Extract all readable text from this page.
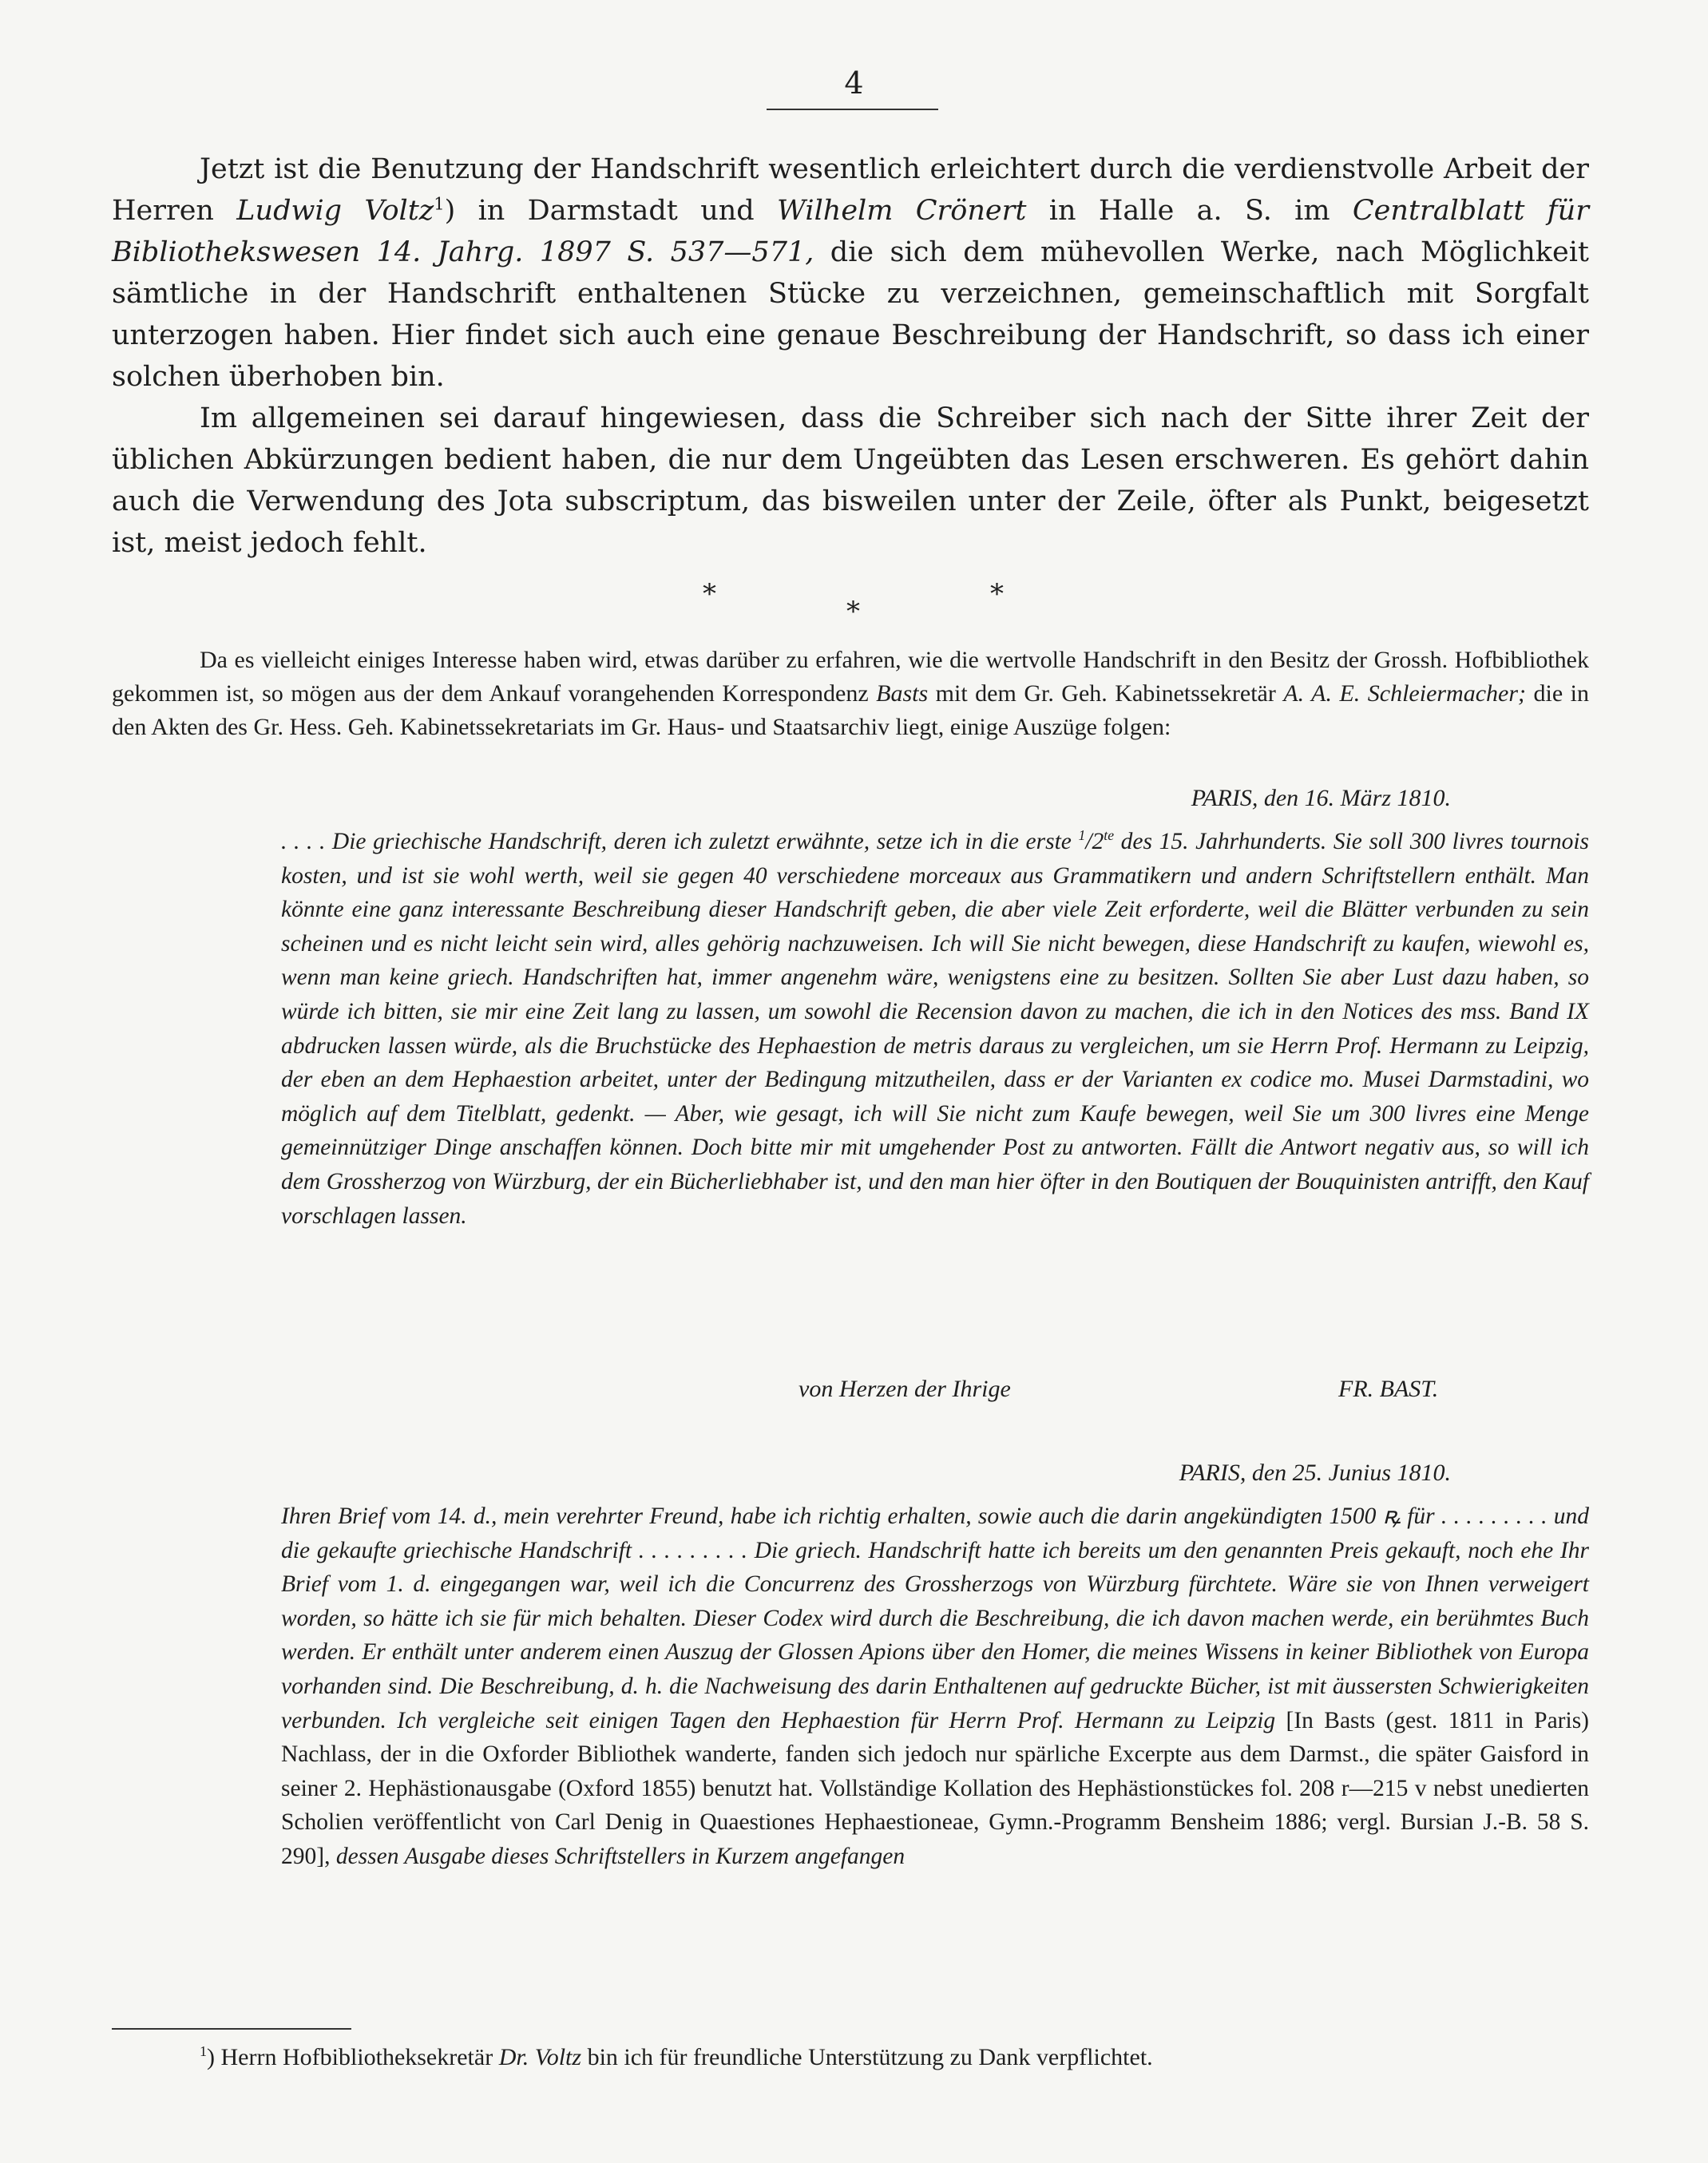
4

Jetzt ist die Benutzung der Handschrift wesentlich erleichtert durch die verdienstvolle Arbeit der Herren Ludwig Voltz$^1$) in Darmstadt und Wilhelm Crönert in Halle a. S. im Centralblatt für Bibliothekswesen 14. Jahrg. 1897 S. 537—571, die sich dem mühevollen Werke, nach Möglichkeit sämtliche in der Handschrift enthaltenen Stücke zu verzeichnen, gemeinschaftlich mit Sorgfalt unterzogen haben. Hier findet sich auch eine genaue Beschreibung der Handschrift, so dass ich einer solchen überhoben bin.

Im allgemeinen sei darauf hingewiesen, dass die Schreiber sich nach der Sitte ihrer Zeit der üblichen Abkürzungen bedient haben, die nur dem Ungeübten das Lesen erschweren. Es gehört dahin auch die Verwendung des Jota subscriptum, das bisweilen unter der Zeile, öfter als Punkt, beigesetzt ist, meist jedoch fehlt.

*
*
*

Da es vielleicht einiges Interesse haben wird, etwas darüber zu erfahren, wie die wertvolle Handschrift in den Besitz der Grossh. Hofbibliothek gekommen ist, so mögen aus der dem Ankauf vorangehenden Korrespondenz Basts mit dem Gr. Geh. Kabinetssekretär A. A. E. Schleiermacher; die in den Akten des Gr. Hess. Geh. Kabinetssekretariats im Gr. Haus- und Staatsarchiv liegt, einige Auszüge folgen:

PARIS, den 16. März 1810.

. . . . Die griechische Handschrift, deren ich zuletzt erwähnte, setze ich in die erste $^1/2^{te}$ des 15. Jahrhunderts. Sie soll 300 livres tournois kosten, und ist sie wohl werth, weil sie gegen 40 verschiedene morceaux aus Grammatikern und andern Schriftstellern enthält. Man könnte eine ganz interessante Beschreibung dieser Handschrift geben, die aber viele Zeit erforderte, weil die Blätter verbunden zu sein scheinen und es nicht leicht sein wird, alles gehörig nachzuweisen. Ich will Sie nicht bewegen, diese Handschrift zu kaufen, wiewohl es, wenn man keine griech. Handschriften hat, immer angenehm wäre, wenigstens eine zu besitzen. Sollten Sie aber Lust dazu haben, so würde ich bitten, sie mir eine Zeit lang zu lassen, um sowohl die Recension davon zu machen, die ich in den Notices des mss. Band IX abdrucken lassen würde, als die Bruchstücke des Hephaestion de metris daraus zu vergleichen, um sie Herrn Prof. Hermann zu Leipzig, der eben an dem Hephaestion arbeitet, unter der Bedingung mitzutheilen, dass er der Varianten ex codice mo. Musei Darmstadini, wo möglich auf dem Titelblatt, gedenkt. — Aber, wie gesagt, ich will Sie nicht zum Kaufe bewegen, weil Sie um 300 livres eine Menge gemeinnütziger Dinge anschaffen können. Doch bitte mir mit umgehender Post zu antworten. Fällt die Antwort negativ aus, so will ich dem Grossherzog von Würzburg, der ein Bücherliebhaber ist, und den man hier öfter in den Boutiquen der Bouquinisten antrifft, den Kauf vorschlagen lassen.

von Herzen der Ihrige	FR. BAST.
PARIS, den 25. Junius 1810.

Ihren Brief vom 14. d., mein verehrter Freund, habe ich richtig erhalten, sowie auch die darin angekündigten 1500 ꝶ für . . . . . . . . . und die gekaufte griechische Handschrift . . . . . . . . . Die griech. Handschrift hatte ich bereits um den genannten Preis gekauft, noch ehe Ihr Brief vom 1. d. eingegangen war, weil ich die Concurrenz des Grossherzogs von Würzburg fürchtete. Wäre sie von Ihnen verweigert worden, so hätte ich sie für mich behalten. Dieser Codex wird durch die Beschreibung, die ich davon machen werde, ein berühmtes Buch werden. Er enthält unter anderem einen Auszug der Glossen Apions über den Homer, die meines Wissens in keiner Bibliothek von Europa vorhanden sind. Die Beschreibung, d. h. die Nachweisung des darin Enthaltenen auf gedruckte Bücher, ist mit äussersten Schwierigkeiten verbunden. Ich vergleiche seit einigen Tagen den Hephaestion für Herrn Prof. Hermann zu Leipzig [In Basts (gest. 1811 in Paris) Nachlass, der in die Oxforder Bibliothek wanderte, fanden sich jedoch nur spärliche Excerpte aus dem Darmst., die später Gaisford in seiner 2. Hephästionausgabe (Oxford 1855) benutzt hat. Vollständige Kollation des Hephästionstückes fol. 208 r—215 v nebst unedierten Scholien veröffentlicht von Carl Denig in Quaestiones Hephaestioneae, Gymn.-Programm Bensheim 1886; vergl. Bursian J.-B. 58 S. 290], dessen Ausgabe dieses Schriftstellers in Kurzem angefangen

$^1$) Herrn Hofbibliotheksekretär Dr. Voltz bin ich für freundliche Unterstützung zu Dank verpflichtet.
